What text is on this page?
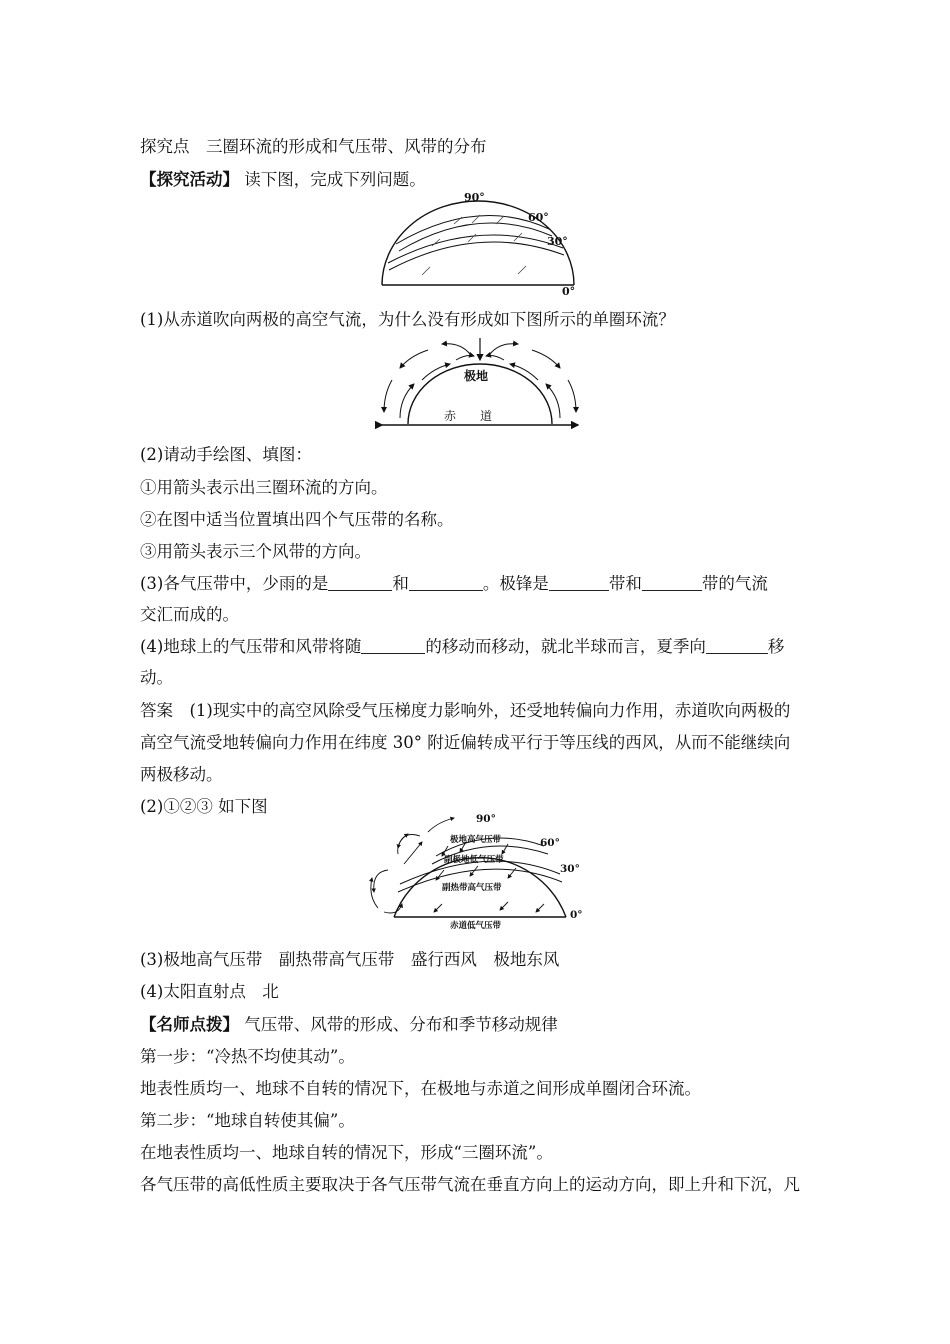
探究点　三圈环流的形成和气压带、风带的分布
【探究活动】 读下图，完成下列问题。
90°
60°
30°
0°
(1)从赤道吹向两极的高空气流，为什么没有形成如下图所示的单圈环流？
极地
赤　　道
(2)请动手绘图、填图：
①用箭头表示出三圈环流的方向。
②在图中适当位置填出四个气压带的名称。
③用箭头表示三个风带的方向。
(3)各气压带中，少雨的是	和	。极锋是	带和	带的气流
交汇而成的。
(4)地球上的气压带和风带将随	的移动而移动，就北半球而言，夏季向	移
动。
答案　(1)现实中的高空风除受气压梯度力影响外，还受地转偏向力作用，赤道吹向两极的
高空气流受地转偏向力作用在纬度 30° 附近偏转成平行于等压线的西风，从而不能继续向
两极移动。
(2)①②③ 如下图
极地高气压带
副极地低气压带
副热带高气压带
赤道低气压带
90°
60°
30°
0°
(3)极地高气压带　副热带高气压带　盛行西风　极地东风
(4)太阳直射点　北
【名师点拨】 气压带、风带的形成、分布和季节移动规律
第一步：“冷热不均使其动”。
地表性质均一、地球不自转的情况下，在极地与赤道之间形成单圈闭合环流。
第二步：“地球自转使其偏”。
在地表性质均一、地球自转的情况下，形成“三圈环流”。
各气压带的高低性质主要取决于各气压带气流在垂直方向上的运动方向，即上升和下沉，凡
